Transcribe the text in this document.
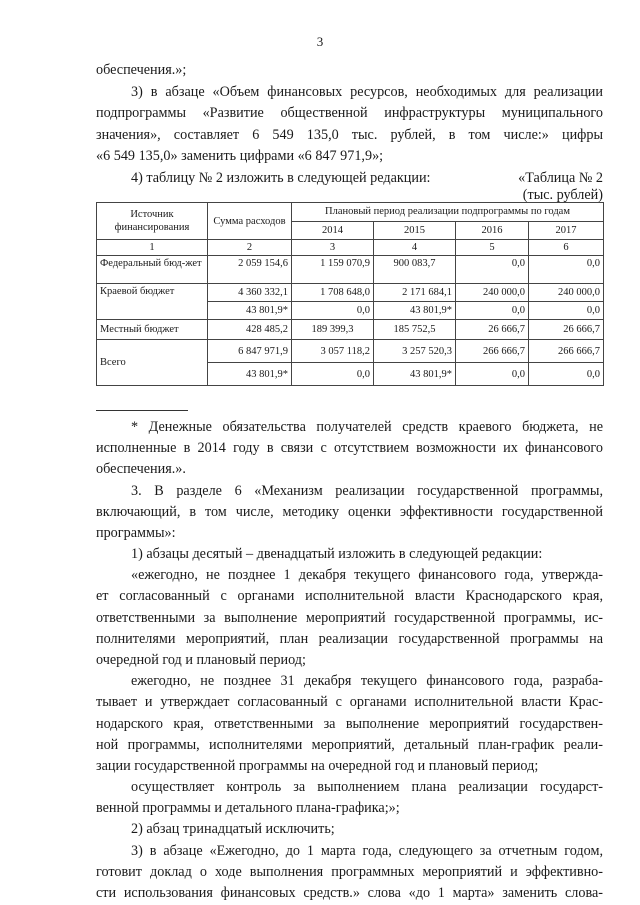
3
обеспечения.»;
3) в абзаце «Объем финансовых ресурсов, необходимых для реализации
подпрограммы «Развитие общественной инфраструктуры муниципального
значения», составляет 6 549 135,0 тыс. рублей, в том числе:» цифры
«6 549 135,0» заменить цифрами «6 847 971,9»;
4) таблицу № 2 изложить в следующей редакции:	«Таблица № 2
(тыс. рублей)
Источник финансирования	Сумма расходов	Плановый период реализации подпрограммы по годам			
		2014	2015	2016	2017
1	2	3	4	5	6
Федеральный бюд-жет	2 059 154,6	1 159 070,9	900 083,7	0,0	0,0
Краевой бюджет	4 360 332,1	1 708 648,0	2 171 684,1	240 000,0	240 000,0
	43 801,9*	0,0	43 801,9*	0,0	0,0
Местный бюджет	428 485,2	189 399,3	185 752,5	26 666,7	26 666,7
Всего	6 847 971,9	3 057 118,2	3 257 520,3	266 666,7	266 666,7
	43 801,9*	0,0	43 801,9*	0,0	0,0
* Денежные обязательства получателей средств краевого бюджета, не
исполненные в 2014 году в связи с отсутствием возможности их финансового
обеспечения.».
3. В разделе 6 «Механизм реализации государственной программы,
включающий, в том числе, методику оценки эффективности государственной
программы»:
1) абзацы десятый – двенадцатый изложить в следующей редакции:
«ежегодно, не позднее 1 декабря текущего финансового года, утвержда-
ет согласованный с органами исполнительной власти Краснодарского края,
ответственными за выполнение мероприятий государственной программы, ис-
полнителями мероприятий, план реализации государственной программы на
очередной год и плановый период;
ежегодно, не позднее 31 декабря текущего финансового года, разраба-
тывает и утверждает согласованный с органами исполнительной власти Крас-
нодарского края, ответственными за выполнение мероприятий государствен-
ной программы, исполнителями мероприятий, детальный план-график реали-
зации государственной программы на очередной год и плановый период;
осуществляет контроль за выполнением плана реализации государст-
венной программы и детального плана-графика;»;
2) абзац тринадцатый исключить;
3) в абзаце «Ежегодно, до 1 марта года, следующего за отчетным годом,
готовит доклад о ходе выполнения программных мероприятий и эффективно-
сти использования финансовых средств.» слова «до 1 марта» заменить слова-
